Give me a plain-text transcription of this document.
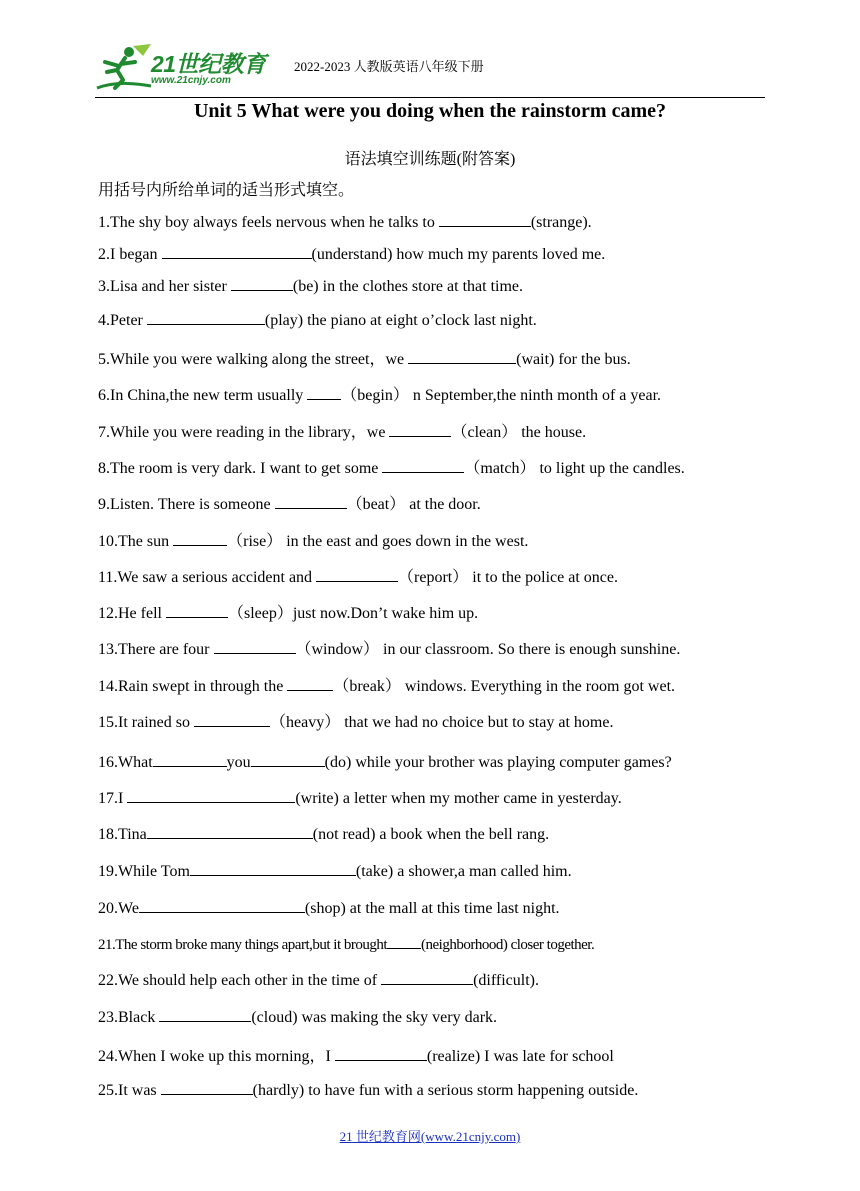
21世纪教育
www.21cnjy.com
2022-2023 人教版英语八年级下册
Unit 5 What were you doing when the rainstorm came?
语法填空训练题(附答案)
用括号内所给单词的适当形式填空。
1.The shy boy always feels nervous when he talks to	(strange).
2.I began	(understand) how much my parents loved me.
3.Lisa and her sister	(be) in the clothes store at that time.
4.Peter	(play) the piano at eight o’clock last night.
5.While you were walking along the street，we	(wait) for the bus.
6.In China,the new term usually （begin） n September,the ninth month of a year.
7.While you were reading in the library，we	（clean） the house.
8.The room is very dark. I want to get some	（match） to light up the candles.
9.Listen. There is someone	（beat） at the door.
10.The sun	（rise） in the east and goes down in the west.
11.We saw a serious accident and	（report） it to the police at once.
12.He fell	（sleep）just now.Don’t wake him up.
13.There are four	（window） in our classroom. So there is enough sunshine.
14.Rain swept in through the	（break） windows. Everything in the room got wet.
15.It rained so	（heavy） that we had no choice but to stay at home.
16.What	you	(do) while your brother was playing computer games?
17.I	(write) a letter when my mother came in yesterday.
18.Tina	(not read) a book when the bell rang.
19.While Tom	(take) a shower,a man called him.
20.We	(shop) at the mall at this time last night.
21.The storm broke many things apart,but it brought (neighborhood) closer together.
22.We should help each other in the time of	(difficult).
23.Black	(cloud) was making the sky very dark.
24.When I woke up this morning，I	(realize) I was late for school
25.It was	(hardly) to have fun with a serious storm happening outside.
21 世纪教育网(www.21cnjy.com)
